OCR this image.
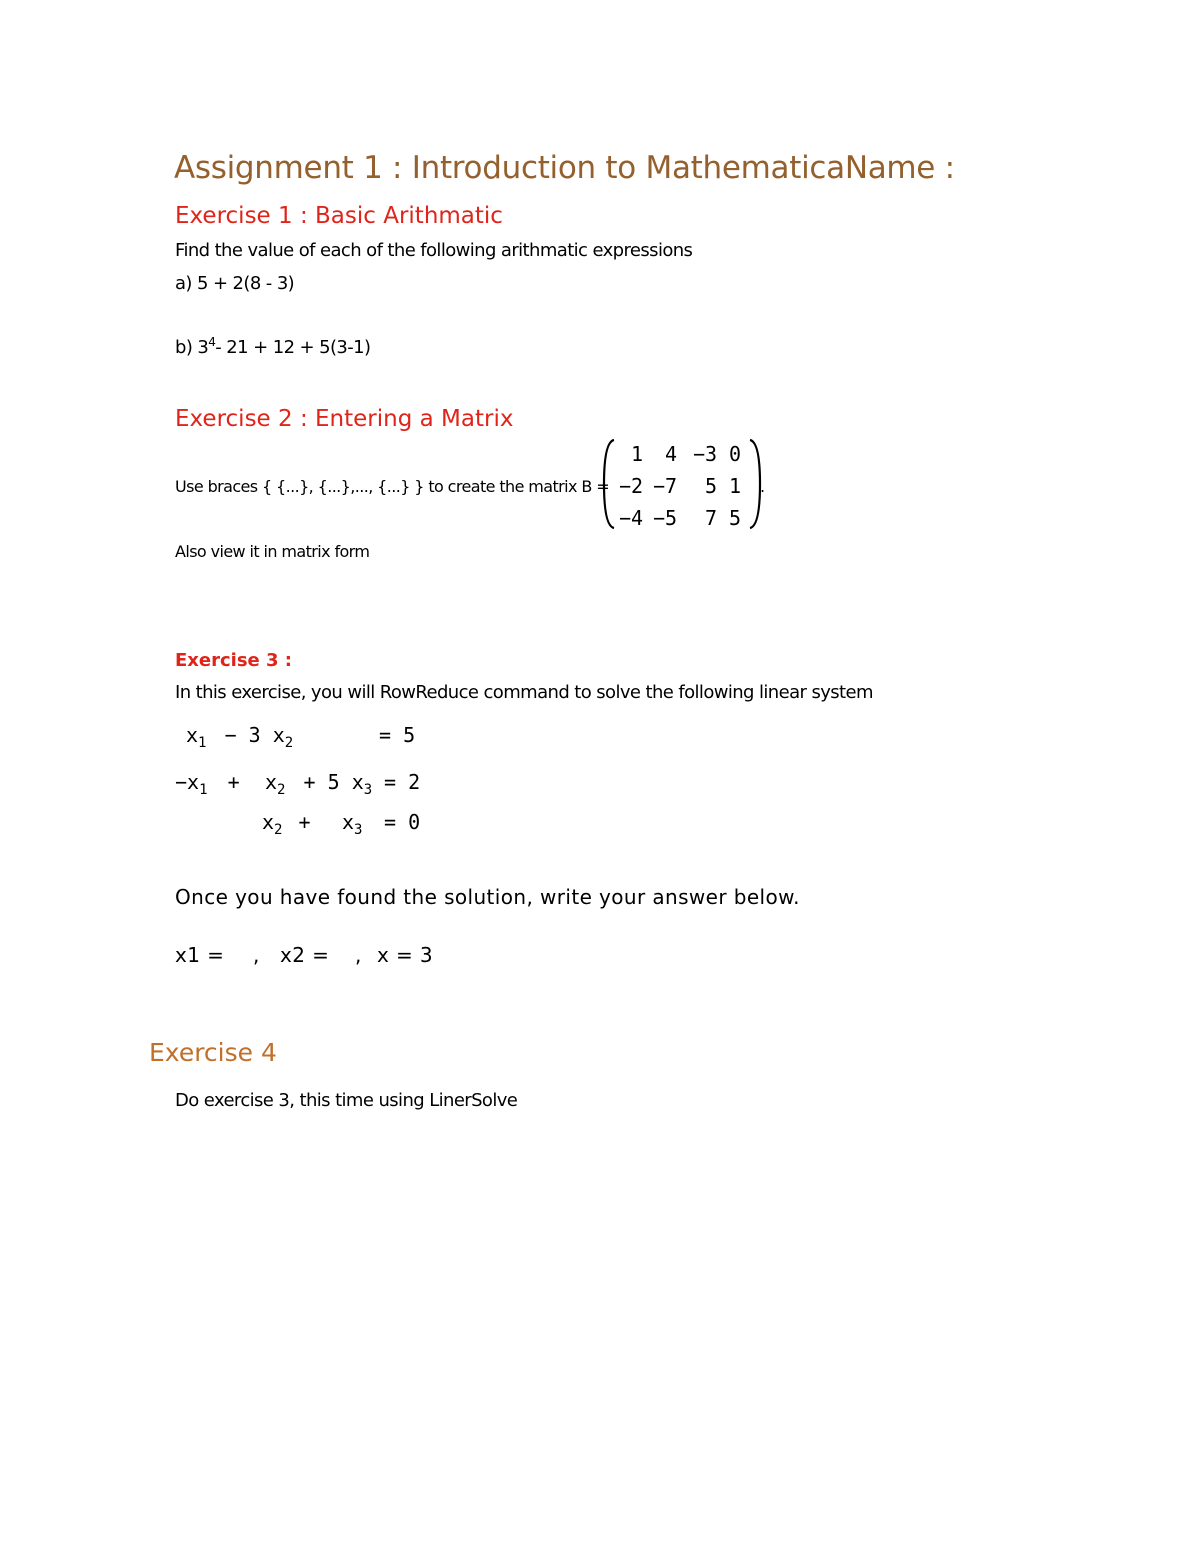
Assignment 1 : Introduction to MathematicaName :
Exercise 1 : Basic Arithmatic
Find the value of each of the following arithmatic expressions
a) 5 + 2(8 - 3)
b) $3^4-$ 21 + 12 + 5(3-1)
Exercise 2 : Entering a Matrix
Use braces { {...}, {...},..., {...} } to create the matrix B =
1	4	−3	0
−2	−7	5	1
−4	−5	7	5
.
Also view it in matrix form
Exercise 3 :
In this exercise, you will RowReduce command to solve the following linear system
$x_1 - 3$ $x_2$	= 5
$-x_1 + x_2 + 5$ $x_3 = 2$
$x_2 + x_3 = 0$
Once you have found the solution, write your answer below.
x1 = , x2 = , x = 3
Exercise 4
Do exercise 3, this time using LinerSolve
